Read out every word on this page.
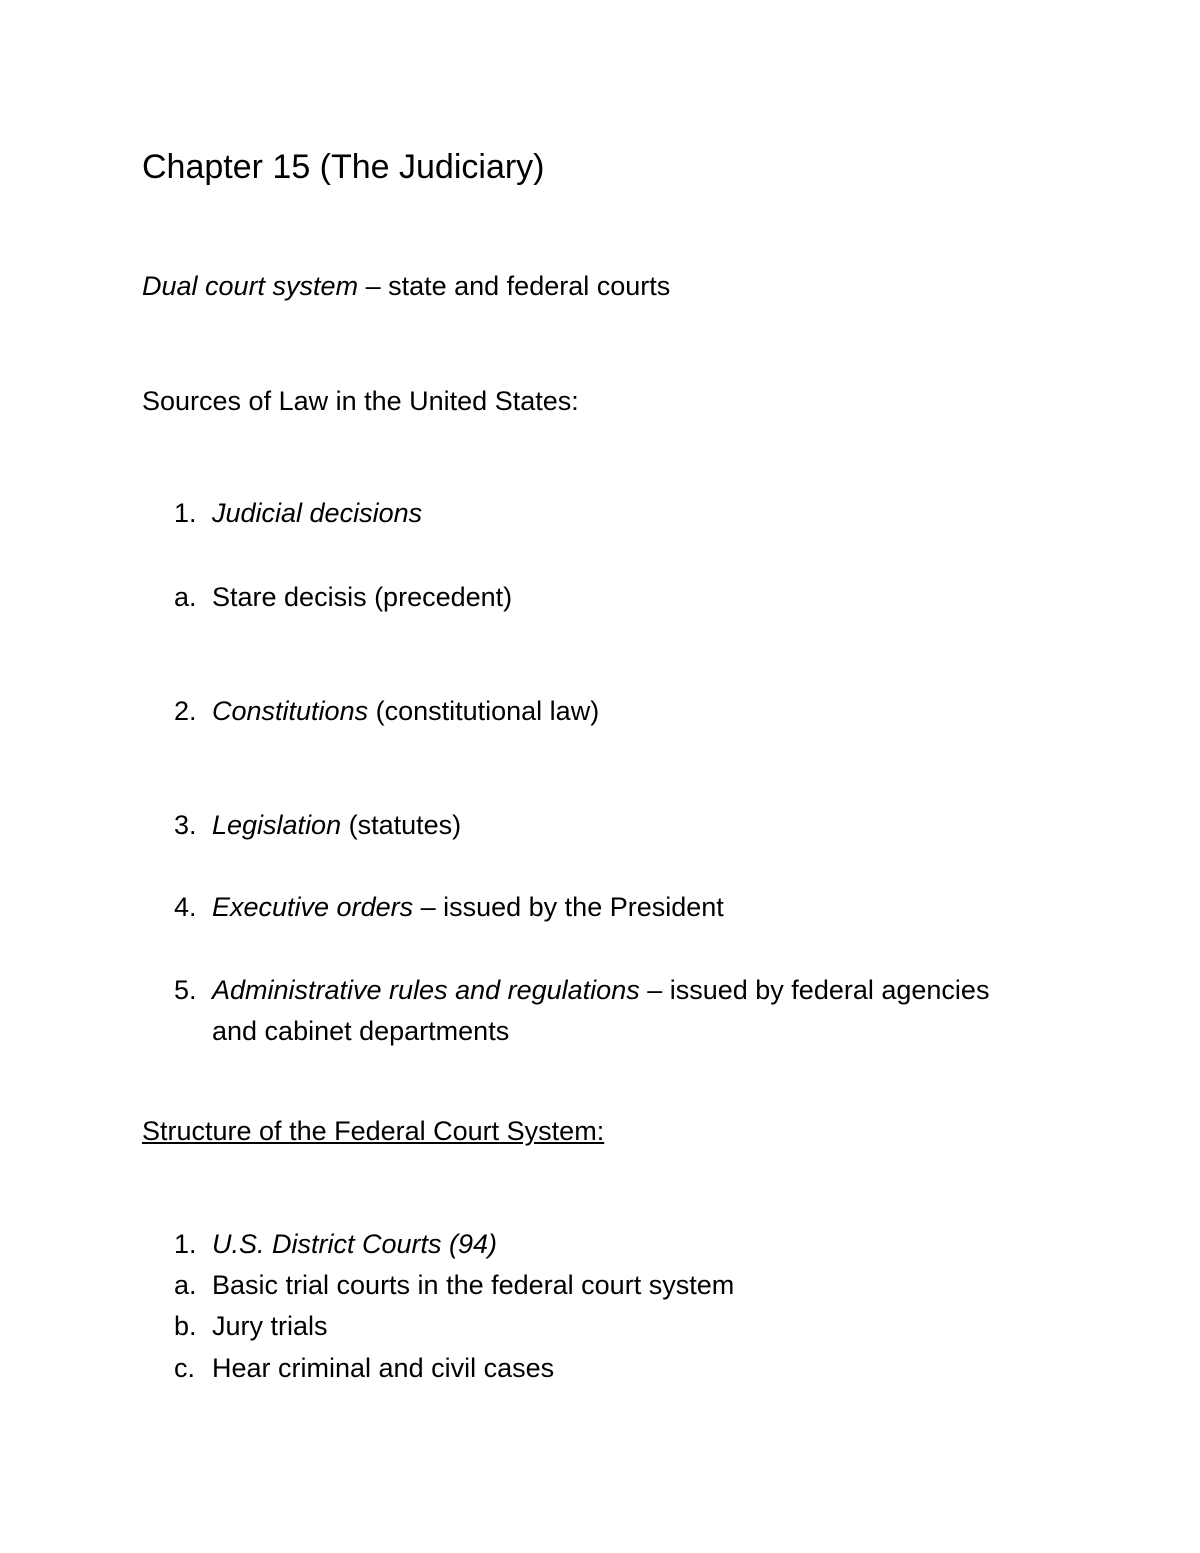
Chapter 15 (The Judiciary)
Dual court system – state and federal courts
Sources of Law in the United States:
1. Judicial decisions
a. Stare decisis (precedent)
2. Constitutions (constitutional law)
3. Legislation (statutes)
4. Executive orders – issued by the President
5. Administrative rules and regulations – issued by federal agencies
and cabinet departments
Structure of the Federal Court System:
1. U.S. District Courts (94)
a. Basic trial courts in the federal court system
b. Jury trials
c. Hear criminal and civil cases
